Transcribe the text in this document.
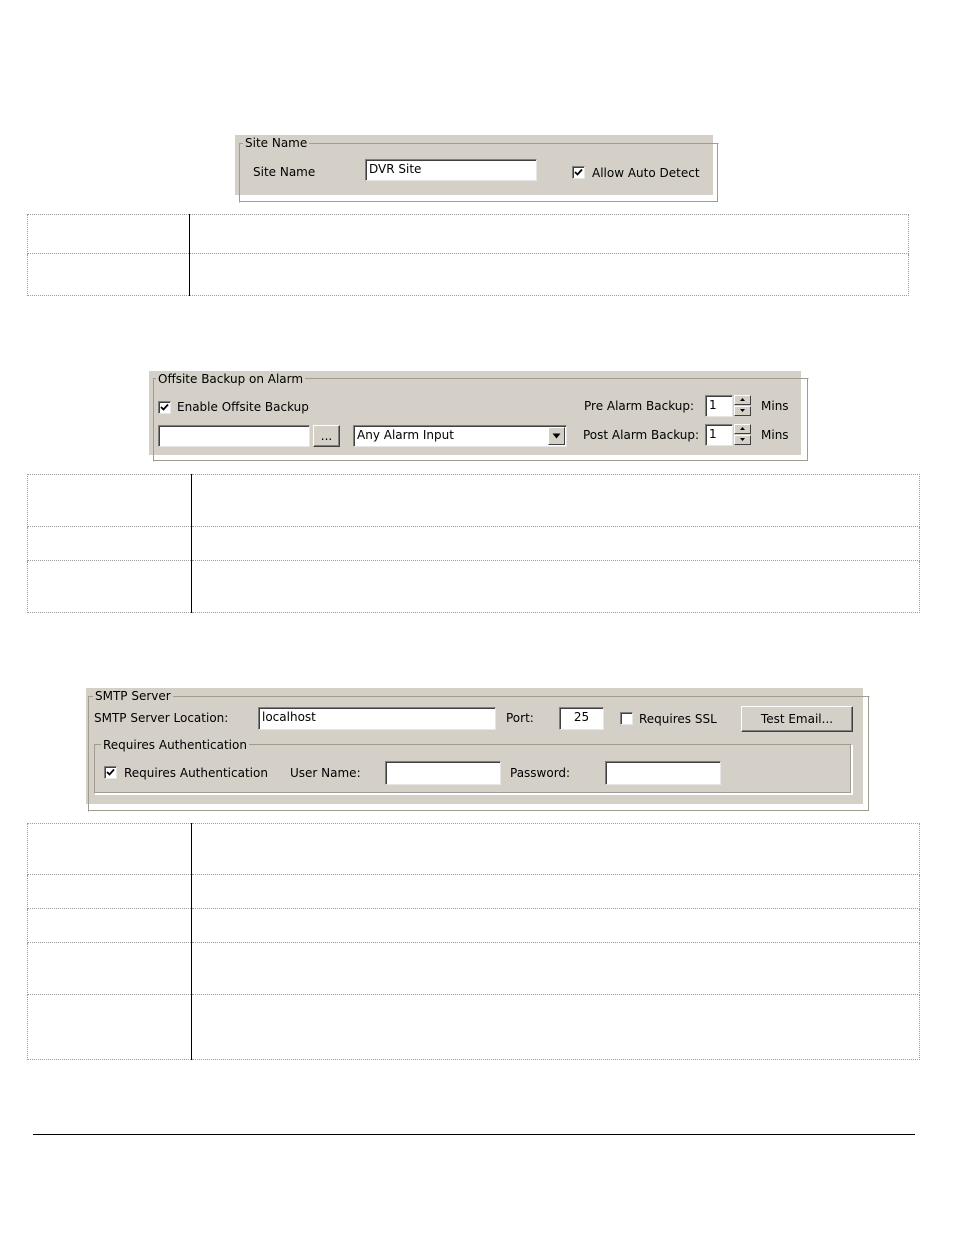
Site Name
Site Name	DVR Site	Allow Auto Detect

Offsite Backup on Alarm
Enable Offsite Backup
...	Any Alarm Input
Pre Alarm Backup:	1	Mins
Post Alarm Backup: 1	Mins

SMTP Server
SMTP Server Location:	localhost	Port:	25	Requires SSL	Test Email...
Requires Authentication
Requires Authentication User Name:	Password:
